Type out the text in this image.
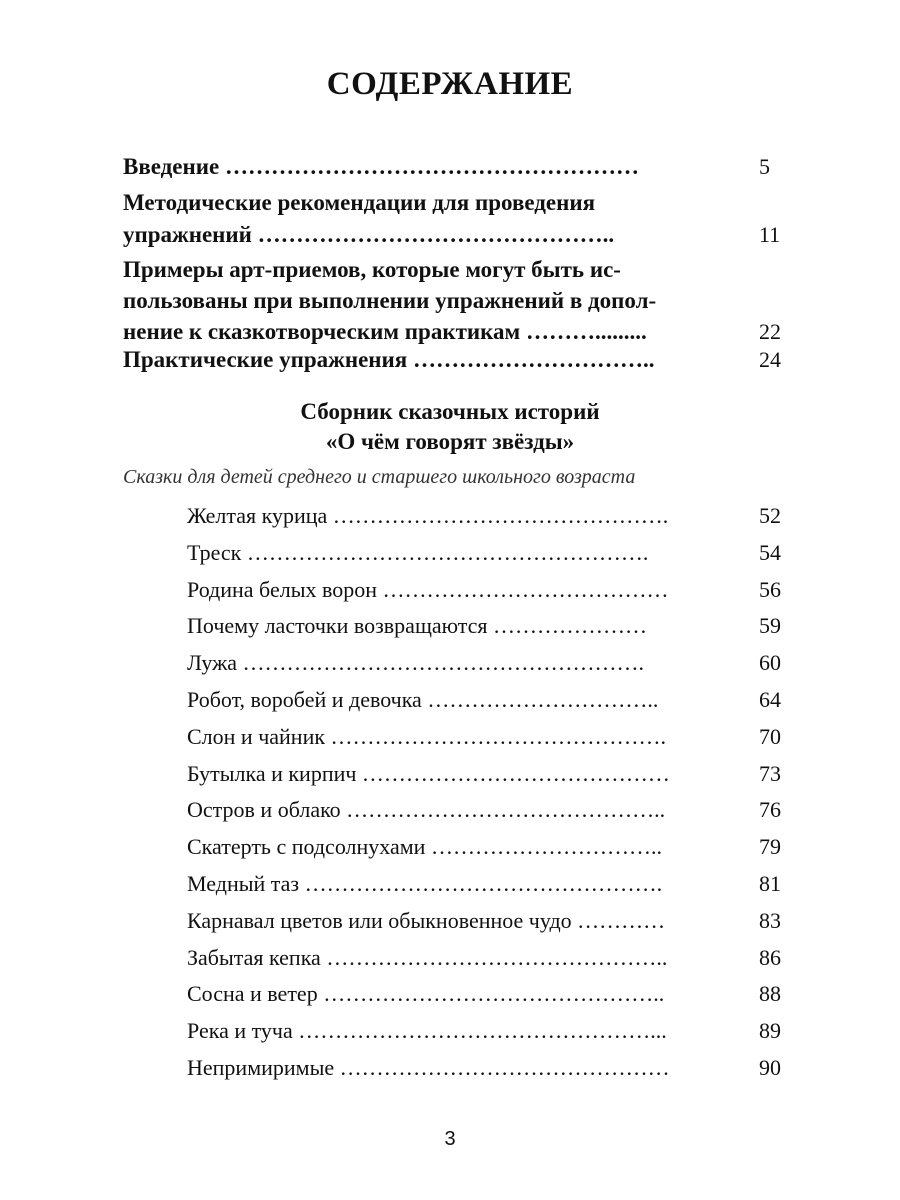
СОДЕРЖАНИЕ
Введение ………………………………………………	5
Методические рекомендации для проведения
упражнений ………………………………………..	11
Примеры арт-приемов, которые могут быть ис-
пользованы при выполнении упражнений в допол-
нение к сказкотворческим практикам ……….........	22
Практические упражнения …………………………..	24
Сборник сказочных историй
«О чём говорят звёзды»
Сказки для детей среднего и старшего школьного возраста
Желтая курица ……………………………………….	52
Треск ……………………………………………….	54
Родина белых ворон …………………………………	56
Почему ласточки возвращаются …………………	59
Лужа ……………………………………………….	60
Робот, воробей и девочка …………………………..	64
Слон и чайник ……………………………………….	70
Бутылка и кирпич ……………………………………	73
Остров и облако ……………………………………..	76
Скатерть с подсолнухами …………………………..	79
Медный таз ………………………………………….	81
Карнавал цветов или обыкновенное чудо …………	83
Забытая кепка ………………………………………..	86
Сосна и ветер ………………………………………..	88
Река и туча …………………………………………...	89
Непримиримые ………………………………………	90
3
